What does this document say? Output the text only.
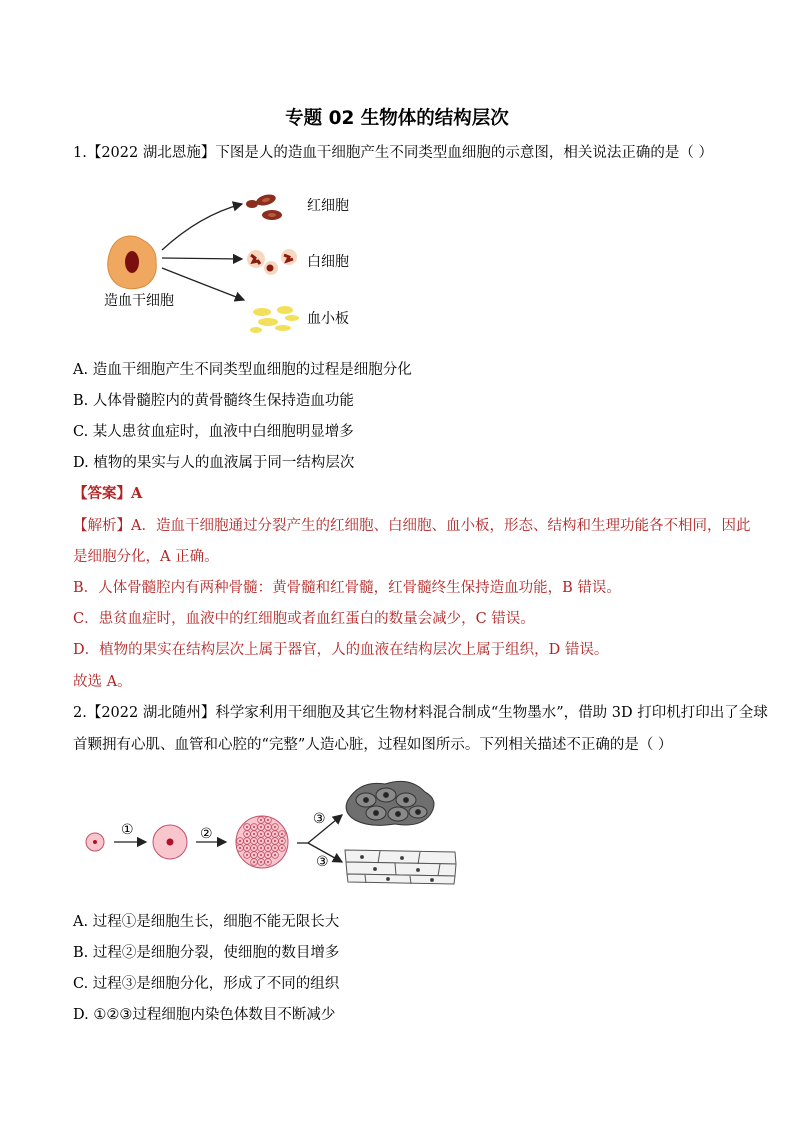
专题 02 生物体的结构层次
1.【2022 湖北恩施】下图是人的造血干细胞产生不同类型血细胞的示意图，相关说法正确的是（ ）
造血干细胞
红细胞
白细胞
血小板
A. 造血干细胞产生不同类型血细胞的过程是细胞分化
B. 人体骨髓腔内的黄骨髓终生保持造血功能
C. 某人患贫血症时，血液中白细胞明显增多
D. 植物的果实与人的血液属于同一结构层次
【答案】A
【解析】A．造血干细胞通过分裂产生的红细胞、白细胞、血小板，形态、结构和生理功能各不相同，因此
是细胞分化，A 正确。
B．人体骨髓腔内有两种骨髓：黄骨髓和红骨髓，红骨髓终生保持造血功能，B 错误。
C．患贫血症时，血液中的红细胞或者血红蛋白的数量会减少，C 错误。
D．植物的果实在结构层次上属于器官，人的血液在结构层次上属于组织，D 错误。
故选 A。
2.【2022 湖北随州】科学家利用干细胞及其它生物材料混合制成“生物墨水”，借助 3D 打印机打印出了全球
首颗拥有心肌、血管和心腔的“完整”人造心脏，过程如图所示。下列相关描述不正确的是（ ）
①	②
③
③
A. 过程①是细胞生长，细胞不能无限长大
B. 过程②是细胞分裂，使细胞的数目增多
C. 过程③是细胞分化，形成了不同的组织
D. ①②③过程细胞内染色体数目不断减少
